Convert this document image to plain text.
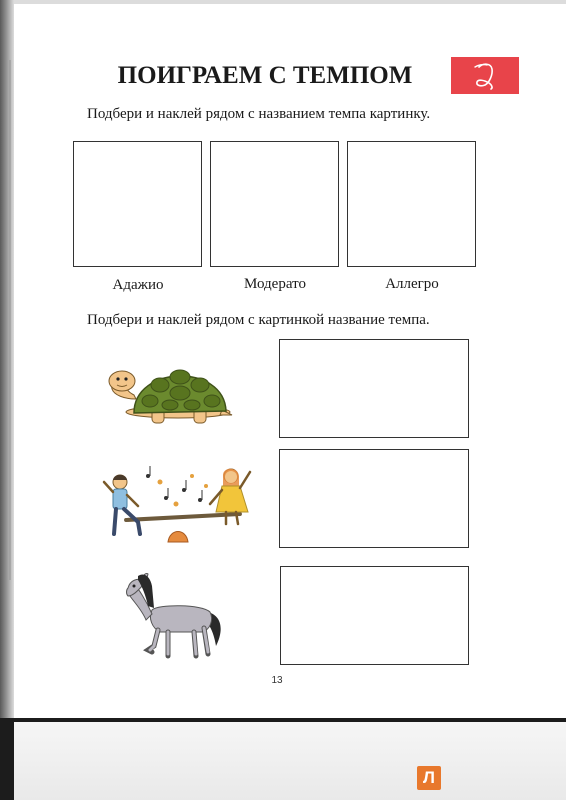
ПОИГРАЕМ С ТЕМПОМ
Подбери и наклей рядом с названием темпа картинку.
Адажио	Модерато	Аллегро
Подбери и наклей рядом с картинкой название темпа.
13
Л
